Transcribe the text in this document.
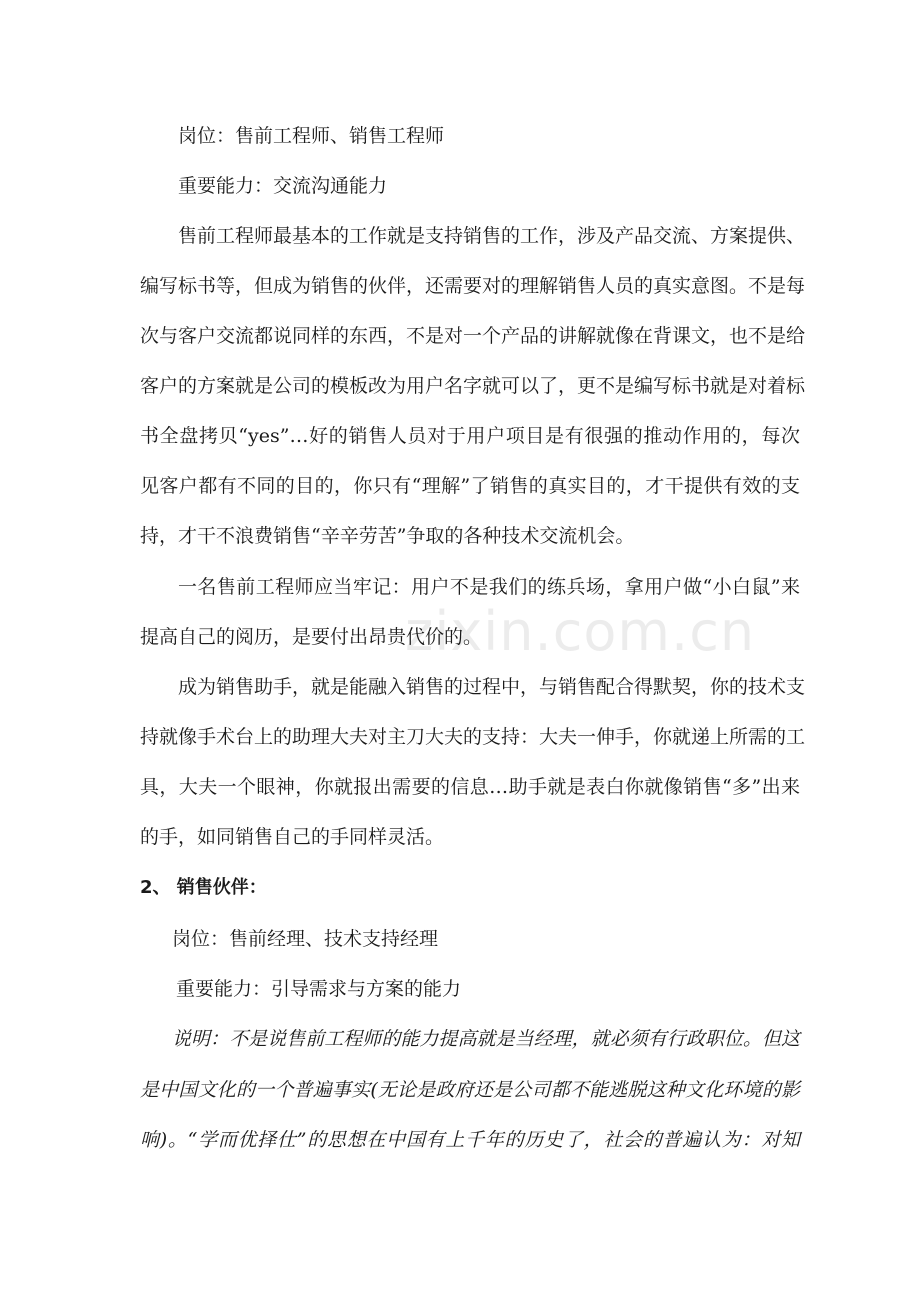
zixin.com.cn
岗位：售前工程师、销售工程师
重要能力：交流沟通能力
售前工程师最基本的工作就是支持销售的工作，涉及产品交流、方案提供、
编写标书等，但成为销售的伙伴，还需要对的理解销售人员的真实意图。不是每
次与客户交流都说同样的东西，不是对一个产品的讲解就像在背课文，也不是给
客户的方案就是公司的模板改为用户名字就可以了，更不是编写标书就是对着标
书全盘拷贝“yes”…好的销售人员对于用户项目是有很强的推动作用的，每次
见客户都有不同的目的，你只有“理解”了销售的真实目的，才干提供有效的支
持，才干不浪费销售“辛辛劳苦”争取的各种技术交流机会。
一名售前工程师应当牢记：用户不是我们的练兵场，拿用户做“小白鼠”来
提高自己的阅历，是要付出昂贵代价的。
成为销售助手，就是能融入销售的过程中，与销售配合得默契，你的技术支
持就像手术台上的助理大夫对主刀大夫的支持：大夫一伸手，你就递上所需的工
具，大夫一个眼神，你就报出需要的信息…助手就是表白你就像销售“多”出来
的手，如同销售自己的手同样灵活。
2、 销售伙伴：
岗位：售前经理、技术支持经理
重要能力：引导需求与方案的能力
说明：不是说售前工程师的能力提高就是当经理，就必须有行政职位。但这
是中国文化的一个普遍事实(无论是政府还是公司都不能逃脱这种文化环境的影
响)。“学而优择仕”的思想在中国有上千年的历史了，社会的普遍认为：对知
